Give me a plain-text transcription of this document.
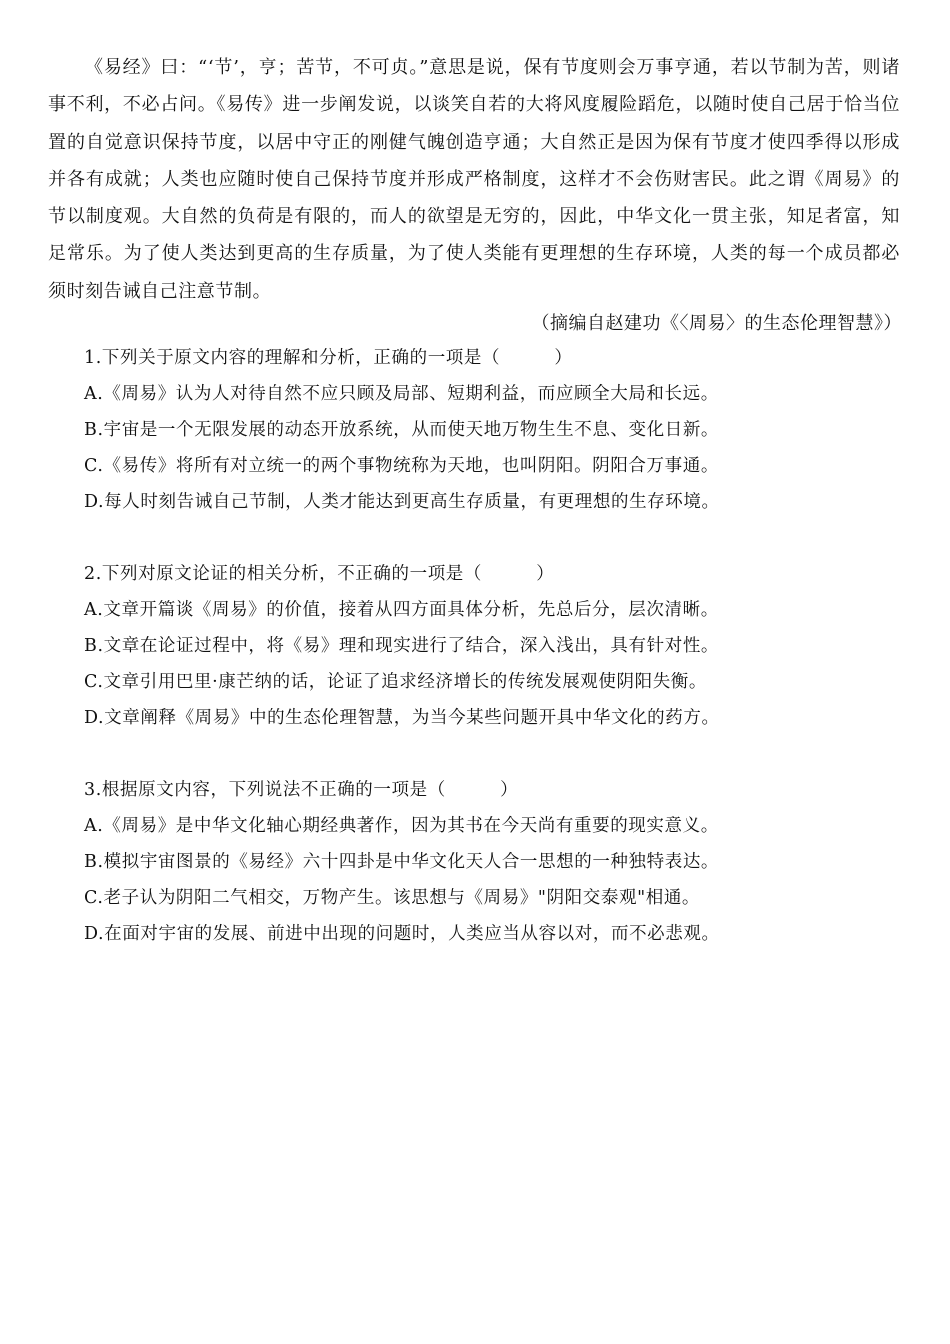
《易经》曰：“‘节’，亨；苦节，不可贞。”意思是说，保有节度则会万事亨通，若以节制为苦，则诸事不利，不必占问。《易传》进一步阐发说，以谈笑自若的大将风度履险蹈危，以随时使自己居于恰当位置的自觉意识保持节度，以居中守正的刚健气魄创造亨通；大自然正是因为保有节度才使四季得以形成并各有成就；人类也应随时使自己保持节度并形成严格制度，这样才不会伤财害民。此之谓《周易》的节以制度观。大自然的负荷是有限的，而人的欲望是无穷的，因此，中华文化一贯主张，知足者富，知足常乐。为了使人类达到更高的生存质量，为了使人类能有更理想的生存环境，人类的每一个成员都必须时刻告诫自己注意节制。

（摘编自赵建功《〈周易〉的生态伦理智慧》）
1.下列关于原文内容的理解和分析，正确的一项是（　　　）
A.《周易》认为人对待自然不应只顾及局部、短期利益，而应顾全大局和长远。
B.宇宙是一个无限发展的动态开放系统，从而使天地万物生生不息、变化日新。
C.《易传》将所有对立统一的两个事物统称为天地，也叫阴阳。阴阳合万事通。
D.每人时刻告诫自己节制，人类才能达到更高生存质量，有更理想的生存环境。
2.下列对原文论证的相关分析，不正确的一项是（　　　）
A.文章开篇谈《周易》的价值，接着从四方面具体分析，先总后分，层次清晰。
B.文章在论证过程中，将《易》理和现实进行了结合，深入浅出，具有针对性。
C.文章引用巴里·康芒纳的话，论证了追求经济增长的传统发展观使阴阳失衡。
D.文章阐释《周易》中的生态伦理智慧，为当今某些问题开具中华文化的药方。
3.根据原文内容，下列说法不正确的一项是（　　　）
A.《周易》是中华文化轴心期经典著作，因为其书在今天尚有重要的现实意义。
B.模拟宇宙图景的《易经》六十四卦是中华文化天人合一思想的一种独特表达。
C.老子认为阴阳二气相交，万物产生。该思想与《周易》"阴阳交泰观"相通。
D.在面对宇宙的发展、前进中出现的问题时，人类应当从容以对，而不必悲观。
